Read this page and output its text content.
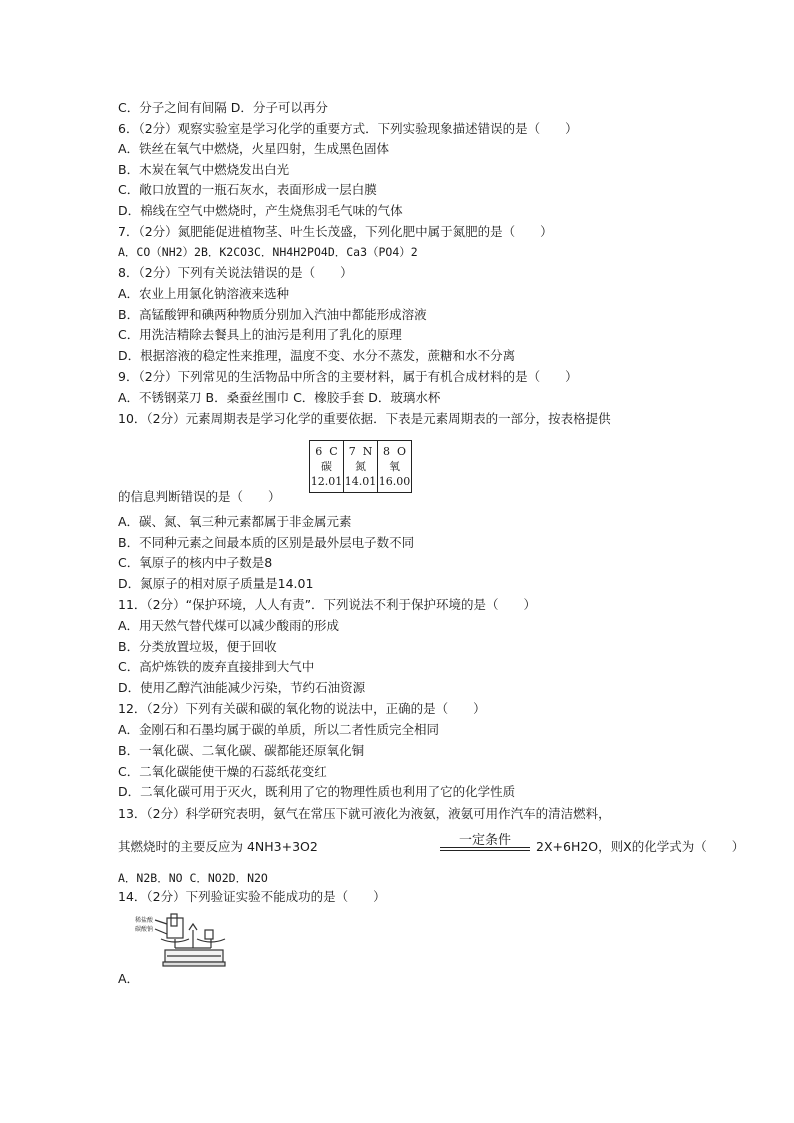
C．分子之间有间隔 D．分子可以再分
6．（2分）观察实验室是学习化学的重要方式．下列实验现象描述错误的是（　　）
A．铁丝在氧气中燃烧，火星四射，生成黑色固体
B．木炭在氧气中燃烧发出白光
C．敞口放置的一瓶石灰水，表面形成一层白膜
D．棉线在空气中燃烧时，产生烧焦羽毛气味的气体
7．（2分）氮肥能促进植物茎、叶生长茂盛，下列化肥中属于氮肥的是（　　）
A．CO（NH2）2B．K2CO3C．NH4H2PO4D．Ca3（PO4）2
8．（2分）下列有关说法错误的是（　　）
A．农业上用氯化钠溶液来选种
B．高锰酸钾和碘两种物质分别加入汽油中都能形成溶液
C．用洗洁精除去餐具上的油污是利用了乳化的原理
D．根据溶液的稳定性来推理，温度不变、水分不蒸发，蔗糖和水不分离
9．（2分）下列常见的生活物品中所含的主要材料，属于有机合成材料的是（　　）
A．不锈钢菜刀 B．桑蚕丝围巾 C．橡胶手套 D．玻璃水杯
10．（2分）元素周期表是学习化学的重要依据．下表是元素周期表的一部分，按表格提供
6 C
碳
12.01

7 N
氮
14.01

8 O
氧
16.00
的信息判断错误的是（　　）
A．碳、氮、氧三种元素都属于非金属元素
B．不同种元素之间最本质的区别是最外层电子数不同
C．氧原子的核内中子数是8
D．氮原子的相对原子质量是14.01
11．（2分）“保护环境，人人有责”．下列说法不利于保护环境的是（　　）
A．用天然气替代煤可以减少酸雨的形成
B．分类放置垃圾，便于回收
C．高炉炼铁的废弃直接排到大气中
D．使用乙醇汽油能减少污染，节约石油资源
12．（2分）下列有关碳和碳的氧化物的说法中，正确的是（　　）
A．金刚石和石墨均属于碳的单质，所以二者性质完全相同
B．一氧化碳、二氧化碳、碳都能还原氧化铜
C．二氧化碳能使干燥的石蕊纸花变红
D．二氧化碳可用于灭火，既利用了它的物理性质也利用了它的化学性质
13．（2分）科学研究表明，氨气在常压下就可液化为液氨，液氨可用作汽车的清洁燃料，
其燃烧时的主要反应为 4NH3+3O2	一定条件	2X+6H2O，则X的化学式为（　　）
A．N2B．NO C．NO2D．N2O
14．（2分）下列验证实验不能成功的是（　　）
稀盐酸
碳酸钠
A．
